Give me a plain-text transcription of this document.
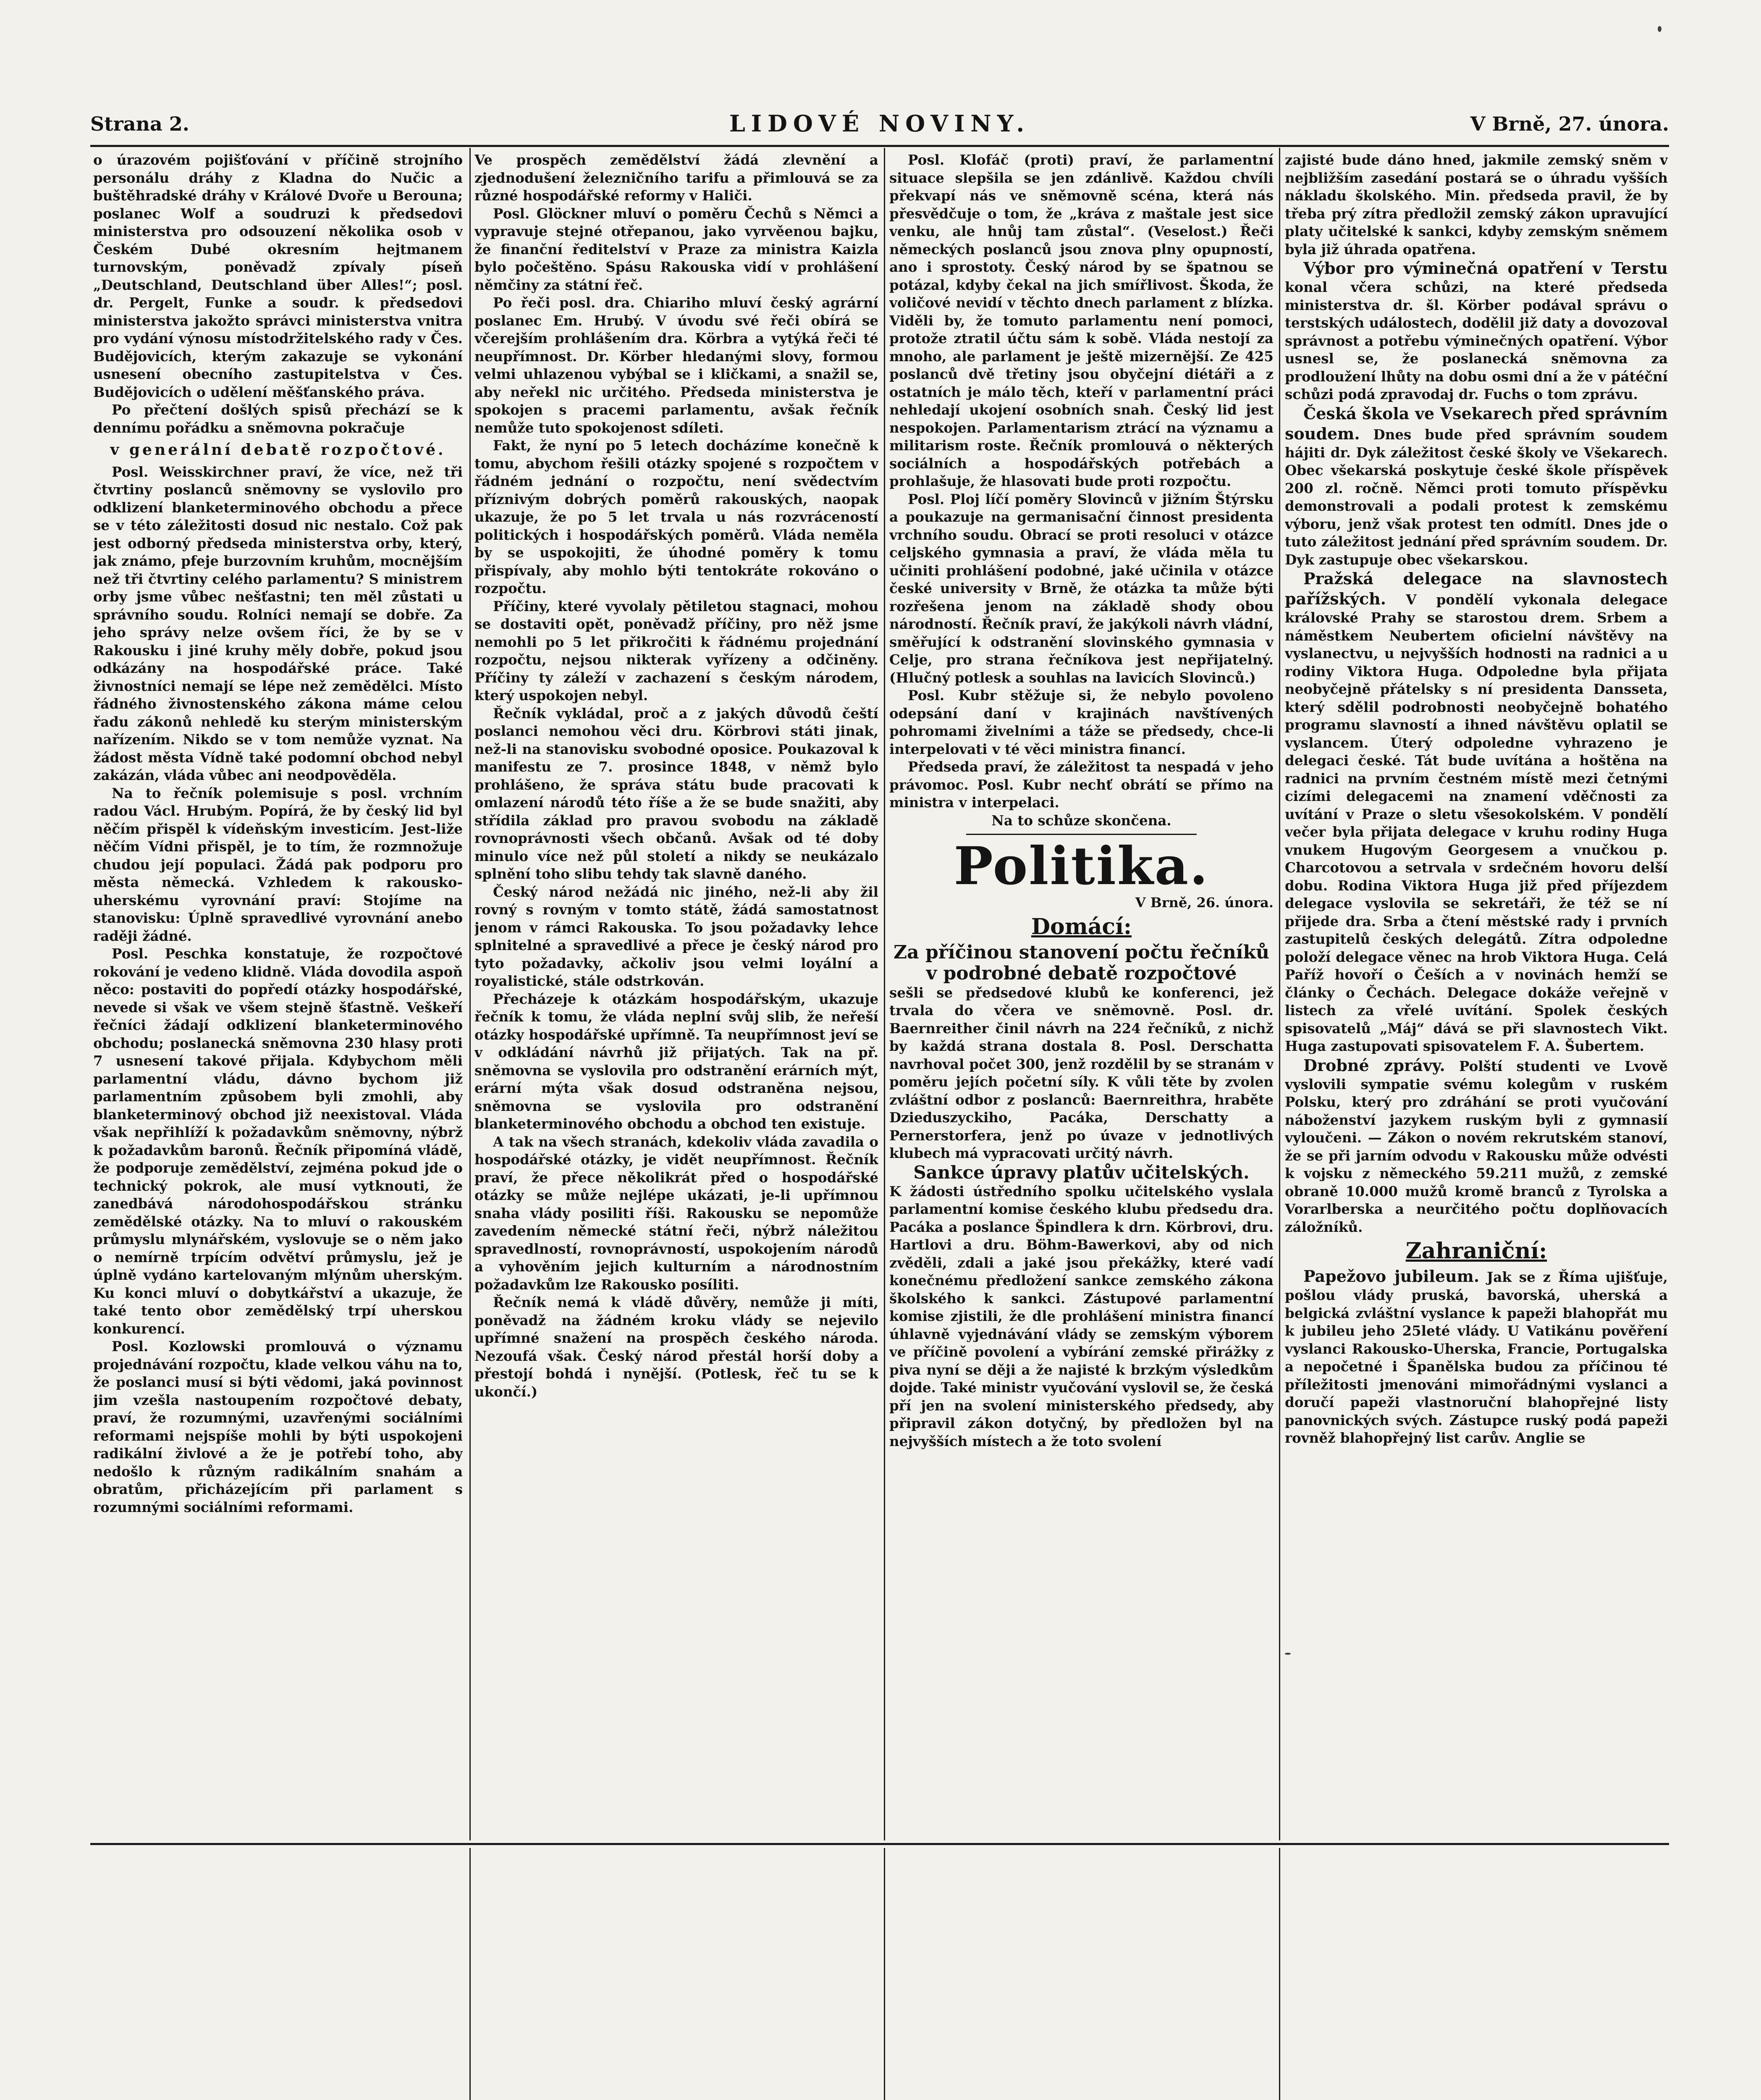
Strana 2.	LIDOVÉ NOVINY.	V Brně, 27. února.

o úrazovém pojišťování v příčině strojního personálu dráhy z Kladna do Nučic a buštěhradské dráhy v Králové Dvoře u Berouna; poslanec Wolf a soudruzi k předsedovi ministerstva pro odsouzení několika osob v Českém Dubé okresním hejtmanem turnovským, poněvadž zpívaly píseň „Deutschland, Deutschland über Alles!“; posl. dr. Pergelt, Funke a soudr. k předsedovi ministerstva jakožto správci ministerstva vnitra pro vydání výnosu místodržitelského rady v Čes. Budějovicích, kterým zakazuje se vykonání usnesení obecního zastupitelstva v Čes. Budějovicích o udělení měšťanského práva.

Po přečtení došlých spisů přechází se k dennímu pořádku a sněmovna pokračuje

v generální debatě rozpočtové.

Posl. Weisskirchner praví, že více, než tři čtvrtiny poslanců sněmovny se vyslovilo pro odklizení blanketerminového obchodu a přece se v této záležitosti dosud nic nestalo. Což pak jest odborný předseda ministerstva orby, který, jak známo, pfeje burzovním kruhům, mocnějším než tři čtvrtiny celého parlamentu? S ministrem orby jsme vůbec nešťastni; ten měl zůstati u správního soudu. Rolníci nemají se dobře. Za jeho správy nelze ovšem říci, že by se v Rakousku i jiné kruhy měly dobře, pokud jsou odkázány na hospodářské práce. Také živnostníci nemají se lépe než zemědělci. Místo řádného živnostenského zákona máme celou řadu zákonů nehledě ku sterým ministerským nařízením. Nikdo se v tom nemůže vyznat. Na žádost města Vídně také podomní obchod nebyl zakázán, vláda vůbec ani neodpověděla.

Na to řečník polemisuje s posl. vrchním radou Václ. Hrubým. Popírá, že by český lid byl něčím přispěl k vídeňským investicím. Jest-liže něčím Vídni přispěl, je to tím, že rozmnožuje chudou její populaci. Žádá pak podporu pro města německá. Vzhledem k rakousko-uherskému vyrovnání praví: Stojíme na stanovisku: Úplně spravedlivé vyrovnání anebo raději žádné.

Posl. Peschka konstatuje, že rozpočtové rokování je vedeno klidně. Vláda dovodila aspoň něco: postaviti do popředí otázky hospodářské, nevede si však ve všem stejně šťastně. Veškeří řečníci žádají odklizení blanketerminového obchodu; poslanecká sněmovna 230 hlasy proti 7 usnesení takové přijala. Kdybychom měli parlamentní vládu, dávno bychom již parlamentním způsobem byli zmohli, aby blanketerminový obchod již neexistoval. Vláda však nepřihlíží k požadavkům sněmovny, nýbrž k požadavkům baronů. Řečník připomíná vládě, že podporuje zemědělství, zejména pokud jde o technický pokrok, ale musí vytknouti, že zanedbává národohospodářskou stránku zemědělské otázky. Na to mluví o rakouském průmyslu mlynářském, vyslovuje se o něm jako o nemírně trpícím odvětví průmyslu, jež je úplně vydáno kartelovaným mlýnům uherským. Ku konci mluví o dobytkářství a ukazuje, že také tento obor zemědělský trpí uherskou konkurencí.

Posl. Kozlowski promlouvá o významu projednávání rozpočtu, klade velkou váhu na to, že poslanci musí si býti vědomi, jaká povinnost jim vzešla nastoupením rozpočtové debaty, praví, že rozumnými, uzavřenými sociálními reformami nejspíše mohli by býti uspokojeni radikální živlové a že je potřebí toho, aby nedošlo k různým radikálním snahám a obratům, přicházejícím při parlament s rozumnými sociálními reformami.

Ve prospěch zemědělství žádá zlevnění a zjednodušení železničního tarifu a přimlouvá se za různé hospodářské reformy v Haliči.

Posl. Glöckner mluví o poměru Čechů s Němci a vypravuje stejné otřepanou, jako vyrvěenou bajku, že finanční ředitelství v Praze za ministra Kaizla bylo počeštěno. Spásu Rakouska vidí v prohlášení němčiny za státní řeč.

Po řeči posl. dra. Chiariho mluví český agrární poslanec Em. Hrubý. V úvodu své řeči obírá se včerejším prohlášením dra. Körbra a vytýká řeči té neupřímnost. Dr. Körber hledanými slovy, formou velmi uhlazenou vybýbal se i kličkami, a snažil se, aby neřekl nic určitého. Předseda ministerstva je spokojen s pracemi parlamentu, avšak řečník nemůže tuto spokojenost sdíleti.

Fakt, že nyní po 5 letech docházíme konečně k tomu, abychom řešili otázky spojené s rozpočtem v řádném jednání o rozpočtu, není svědectvím příznivým dobrých poměrů rakouských, naopak ukazuje, že po 5 let trvala u nás rozvráceností politických i hospodářských poměrů. Vláda neměla by se uspokojiti, že úhodné poměry k tomu přispívaly, aby mohlo býti tentokráte rokováno o rozpočtu.

Příčiny, které vyvolaly pětiletou stagnaci, mohou se dostaviti opět, poněvadž příčiny, pro něž jsme nemohli po 5 let přikročiti k řádnému projednání rozpočtu, nejsou nikterak vyřízeny a odčiněny. Příčiny ty záleží v zachazení s českým národem, který uspokojen nebyl.

Řečník vykládal, proč a z jakých důvodů čeští poslanci nemohou věci dru. Körbrovi státi jinak, než-li na stanovisku svobodné oposice. Poukazoval k manifestu ze 7. prosince 1848, v němž bylo prohlášeno, že správa státu bude pracovati k omlazení národů této říše a že se bude snažiti, aby střídila základ pro pravou svobodu na základě rovnoprávnosti všech občanů. Avšak od té doby minulo více než půl století a nikdy se neukázalo splnění toho slibu tehdy tak slavně daného.

Český národ nežádá nic jiného, než-li aby žil rovný s rovným v tomto státě, žádá samostatnost jenom v rámci Rakouska. To jsou požadavky lehce splnitelné a spravedlivé a přece je český národ pro tyto požadavky, ačkoliv jsou velmi loyální a royalistické, stále odstrkován.

Přecházeje k otázkám hospodářským, ukazuje řečník k tomu, že vláda neplní svůj slib, že neřeší otázky hospodářské upřímně. Ta neupřímnost jeví se v odkládání návrhů již přijatých. Tak na př. sněmovna se vyslovila pro odstranění erárních mýt, erární mýta však dosud odstraněna nejsou, sněmovna se vyslovila pro odstranění blanketerminového obchodu a obchod ten existuje.

A tak na všech stranách, kdekoliv vláda zavadila o hospodářské otázky, je vidět neupřímnost. Řečník praví, že přece několikrát před o hospodářské otázky se může nejlépe ukázati, je-li upřímnou snaha vlády posiliti říši. Rakousku se nepomůže zavedením německé státní řeči, nýbrž náležitou spravedlností, rovnoprávností, uspokojením národů a vyhověním jejich kulturním a národnostním požadavkům lze Rakousko posíliti.

Řečník nemá k vládě důvěry, nemůže ji míti, poněvadž na žádném kroku vlády se nejevilo upřímné snažení na prospěch českého národa. Nezoufá však. Český národ přestál horší doby a přestojí bohdá i nynější. (Potlesk, řeč tu se k ukončí.)

Posl. Klofáč (proti) praví, že parlamentní situace slepšila se jen zdánlivě. Každou chvíli překvapí nás ve sněmovně scéna, která nás přesvědčuje o tom, že „kráva z maštale jest sice venku, ale hnůj tam zůstal“. (Veselost.) Řeči německých poslanců jsou znova plny opupností, ano i sprostoty. Český národ by se špatnou se potázal, kdyby čekal na jich smířlivost. Škoda, že voličové nevidí v těchto dnech parlament z blízka. Viděli by, že tomuto parlamentu není pomoci, protože ztratil účtu sám k sobě. Vláda nestojí za mnoho, ale parlament je ještě mizernější. Ze 425 poslanců dvě třetiny jsou obyčejní diétáři a z ostatních je málo těch, kteří v parlamentní práci nehledají ukojení osobních snah. Český lid jest nespokojen. Parlamentarism ztrácí na významu a militarism roste. Řečník promlouvá o některých sociálních a hospodářských potřebách a prohlašuje, že hlasovati bude proti rozpočtu.

Posl. Ploj líčí poměry Slovinců v jižním Štýrsku a poukazuje na germanisační činnost presidenta vrchního soudu. Obrací se proti resoluci v otázce celjského gymnasia a praví, že vláda měla tu učiniti prohlášení podobné, jaké učinila v otázce české university v Brně, že otázka ta může býti rozřešena jenom na základě shody obou národností. Řečník praví, že jakýkoli návrh vládní, směřující k odstranění slovinského gymnasia v Celje, pro strana řečníkova jest nepřijatelný. (Hlučný potlesk a souhlas na lavicích Slovinců.)

Posl. Kubr stěžuje si, že nebylo povoleno odepsání daní v krajinách navštívených pohromami živelními a táže se předsedy, chce-li interpelovati v té věci ministra financí.

Předseda praví, že záležitost ta nespadá v jeho právomoc. Posl. Kubr nechť obrátí se přímo na ministra v interpelaci.

Na to schůze skončena.

Politika.
V Brně, 26. února.
Domácí:
Za příčinou stanovení počtu řečníků v podrobné debatě rozpočtové

sešli se předsedové klubů ke konferenci, jež trvala do včera ve sněmovně. Posl. dr. Baernreither činil návrh na 224 řečníků, z nichž by každá strana dostala 8. Posl. Derschatta navrhoval počet 300, jenž rozdělil by se stranám v poměru jejích početní síly. K vůli těte by zvolen zvláštní odbor z poslanců: Baernreithra, hraběte Dzieduszyckiho, Pacáka, Derschatty a Pernerstorfera, jenž po úvaze v jednotlivých klubech má vypracovati určitý návrh.

Sankce úpravy platův učitelských.

K žádosti ústředního spolku učitelského vyslala parlamentní komise českého klubu předsedu dra. Pacáka a poslance Špindlera k drn. Körbrovi, dru. Hartlovi a dru. Böhm-Bawerkovi, aby od nich zvěděli, zdali a jaké jsou překážky, které vadí konečnému předložení sankce zemského zákona školského k sankci. Zástupové parlamentní komise zjistili, že dle prohlášení ministra financí úhlavně vyjednávání vlády se zemským výborem ve příčině povolení a vybírání zemské přirážky z piva nyní se ději a že najisté k brzkým výsledkům dojde. Také ministr vyučování vyslovil se, že česká pří jen na svolení ministerského předsedy, aby připravil zákon dotyčný, by předložen byl na nejvyšších místech a že toto svolení

zajisté bude dáno hned, jakmile zemský sněm v nejbližším zasedání postará se o úhradu vyšších nákladu školského. Min. předseda pravil, že by třeba prý zítra předložil zemský zákon upravující platy učitelské k sankci, kdyby zemským sněmem byla již úhrada opatřena.

Výbor pro výminečná opatření v Terstu konal včera schůzi, na které předseda ministerstva dr. šl. Körber podával správu o terstských událostech, dodělil již daty a dovozoval správnost a potřebu výminečných opatření. Výbor usnesl se, že poslanecká sněmovna za prodloužení lhůty na dobu osmi dní a že v pátéční schůzi podá zpravodaj dr. Fuchs o tom zprávu.

Česká škola ve Vsekarech před správním soudem. Dnes bude před správním soudem hájiti dr. Dyk záležitost české školy ve Všekarech. Obec všekarská poskytuje české škole příspěvek 200 zl. ročně. Němci proti tomuto příspěvku demonstrovali a podali protest k zemskému výboru, jenž však protest ten odmítl. Dnes jde o tuto záležitost jednání před správním soudem. Dr. Dyk zastupuje obec všekarskou.

Pražská delegace na slavnostech pařížských. V pondělí vykonala delegace královské Prahy se starostou drem. Srbem a náměstkem Neubertem oficielní návštěvy na vyslanectvu, u nejvyšších hodnosti na radnici a u rodiny Viktora Huga. Odpoledne byla přijata neobyčejně přátelsky s ní presidenta Dansseta, který sdělil podrobnosti neobyčejně bohatého programu slavností a ihned návštěvu oplatil se vyslancem. Úterý odpoledne vyhrazeno je delegaci české. Tát bude uvítána a hoštěna na radnici na prvním čestném místě mezi četnými cizími delegacemi na znamení vděčnosti za uvítání v Praze o sletu všesokolském. V pondělí večer byla přijata delegace v kruhu rodiny Huga vnukem Hugovým Georgesem a vnučkou p. Charcotovou a setrvala v srdečném hovoru delší dobu. Rodina Viktora Huga již před příjezdem delegace vyslovila se sekretáři, že též se ní přijede dra. Srba a čtení městské rady i prvních zastupitelů českých delegátů. Zítra odpoledne položí delegace věnec na hrob Viktora Huga. Celá Paříž hovoří o Češích a v novinách hemží se články o Čechách. Delegace dokáže veřejně v listech za vřelé uvítání. Spolek českých spisovatelů „Máj“ dává se při slavnostech Vikt. Huga zastupovati spisovatelem F. A. Šubertem.

Drobné zprávy. Polští studenti ve Lvově vyslovili sympatie svému kolegům v ruském Polsku, který pro zdráhání se proti vyučování náboženství jazykem ruským byli z gymnasií vyloučeni. — Zákon o novém rekrutském stanoví, že se při jarním odvodu v Rakousku může odvésti k vojsku z německého 59.211 mužů, z zemské obraně 10.000 mužů kromě branců z Tyrolska a Vorarlberska a neurčitého počtu doplňovacích záložníků.

Zahraniční:

Papežovo jubileum. Jak se z Říma ujišťuje, pošlou vlády pruská, bavorská, uherská a belgická zvláštní vyslance k papeži blahopřát mu k jubileu jeho 25leté vlády. U Vatikánu pověření vyslanci Rakousko-Uherska, Francie, Portugalska a nepočetné i Španělska budou za příčinou té příležitosti jmenováni mimořádnými vyslanci a doručí papeži vlastnoruční blahopřejné listy panovnických svých. Zástupce ruský podá papeži rovněž blahopřejný list carův. Anglie se
